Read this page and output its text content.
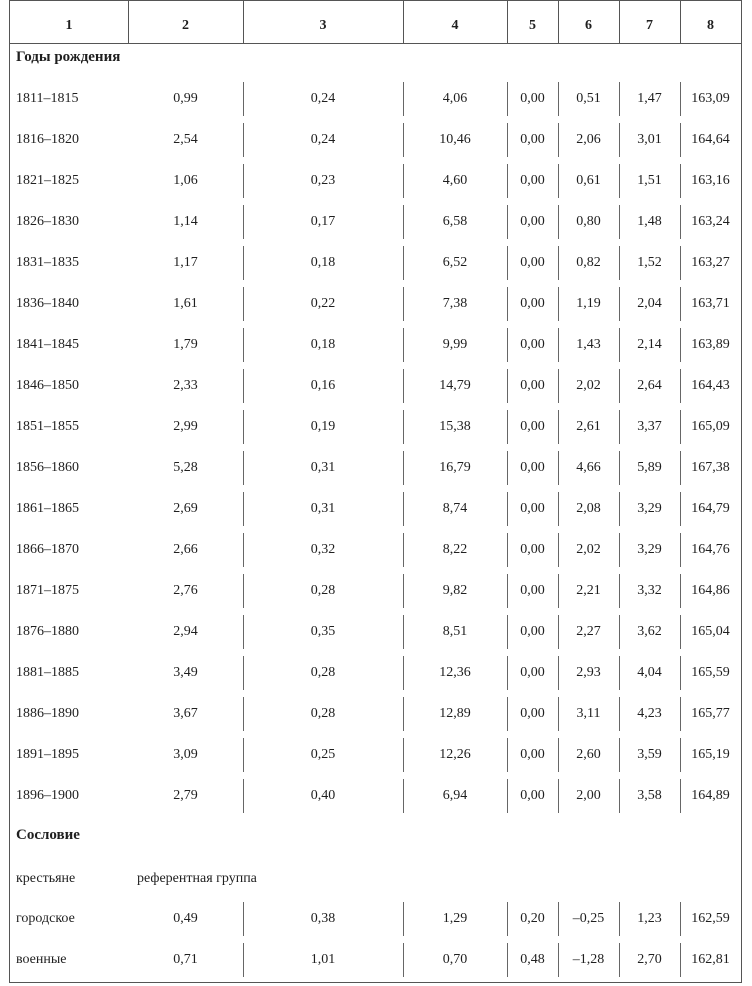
1	2	3	4	5	6	7	8
Годы рождения
1811–1815	0,99	0,24	4,06	0,00	0,51	1,47	163,09
1816–1820	2,54	0,24	10,46	0,00	2,06	3,01	164,64
1821–1825	1,06	0,23	4,60	0,00	0,61	1,51	163,16
1826–1830	1,14	0,17	6,58	0,00	0,80	1,48	163,24
1831–1835	1,17	0,18	6,52	0,00	0,82	1,52	163,27
1836–1840	1,61	0,22	7,38	0,00	1,19	2,04	163,71
1841–1845	1,79	0,18	9,99	0,00	1,43	2,14	163,89
1846–1850	2,33	0,16	14,79	0,00	2,02	2,64	164,43
1851–1855	2,99	0,19	15,38	0,00	2,61	3,37	165,09
1856–1860	5,28	0,31	16,79	0,00	4,66	5,89	167,38
1861–1865	2,69	0,31	8,74	0,00	2,08	3,29	164,79
1866–1870	2,66	0,32	8,22	0,00	2,02	3,29	164,76
1871–1875	2,76	0,28	9,82	0,00	2,21	3,32	164,86
1876–1880	2,94	0,35	8,51	0,00	2,27	3,62	165,04
1881–1885	3,49	0,28	12,36	0,00	2,93	4,04	165,59
1886–1890	3,67	0,28	12,89	0,00	3,11	4,23	165,77
1891–1895	3,09	0,25	12,26	0,00	2,60	3,59	165,19
1896–1900	2,79	0,40	6,94	0,00	2,00	3,58	164,89
Сословие
крестьяне	референтная группа
городское	0,49	0,38	1,29	0,20	–0,25	1,23	162,59
военные	0,71	1,01	0,70	0,48	–1,28	2,70	162,81
